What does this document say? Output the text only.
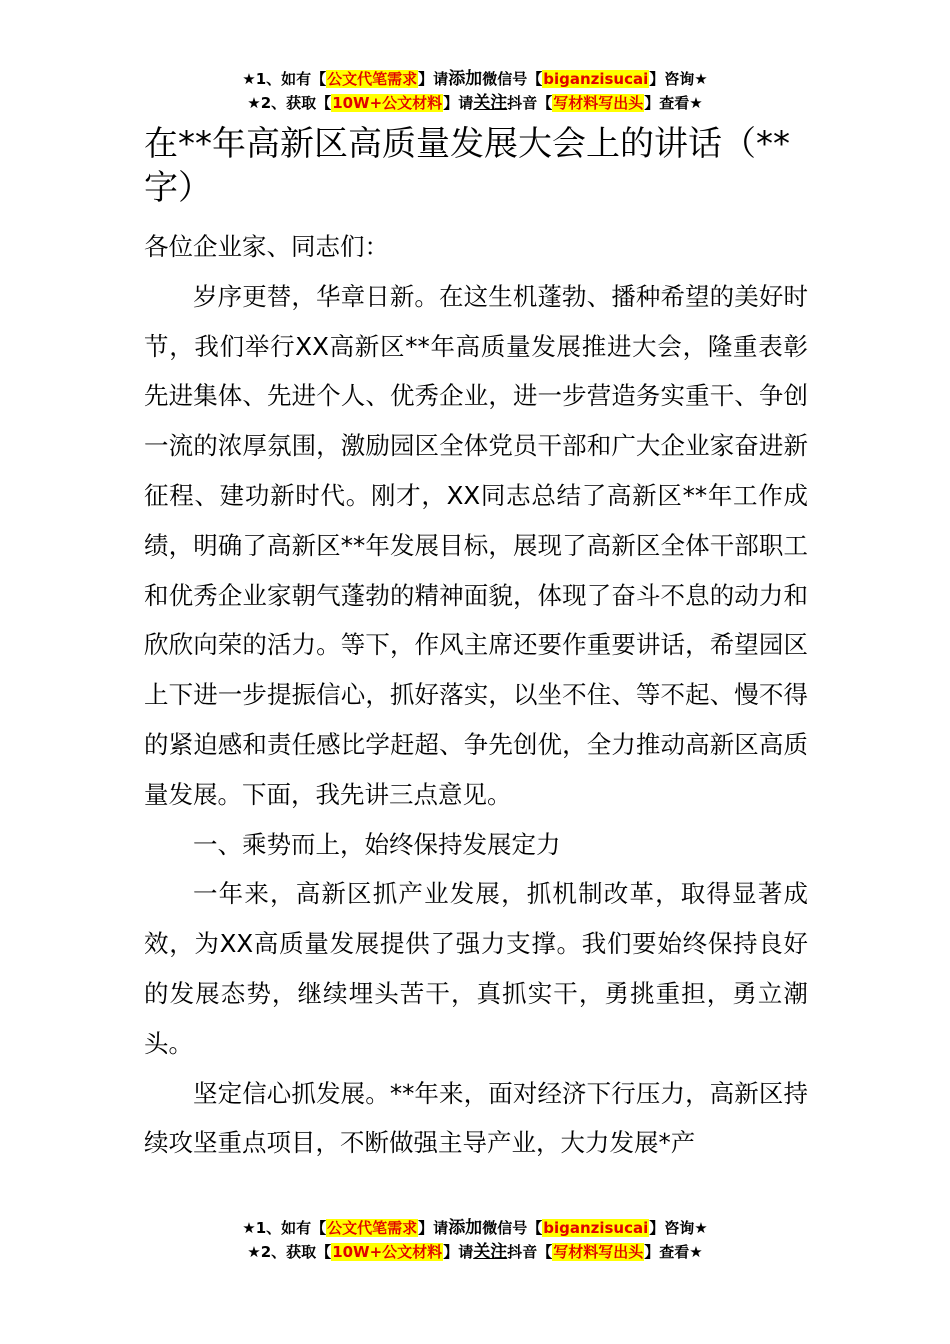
★1、如有【公文代笔需求】请添加微信号【biganzisucai】咨询★
★2、获取【10W+公文材料】请关注抖音【写材料写出头】查看★
在**年高新区高质量发展大会上的讲话（**字）

各位企业家、同志们：

岁序更替，华章日新。在这生机蓬勃、播种希望的美好时节，我们举行XX高新区**年高质量发展推进大会，隆重表彰先进集体、先进个人、优秀企业，进一步营造务实重干、争创一流的浓厚氛围，激励园区全体党员干部和广大企业家奋进新征程、建功新时代。刚才，XX同志总结了高新区**年工作成绩，明确了高新区**年发展目标，展现了高新区全体干部职工和优秀企业家朝气蓬勃的精神面貌，体现了奋斗不息的动力和欣欣向荣的活力。等下，作风主席还要作重要讲话，希望园区上下进一步提振信心，抓好落实，以坐不住、等不起、慢不得的紧迫感和责任感比学赶超、争先创优，全力推动高新区高质量发展。下面，我先讲三点意见。

一、乘势而上，始终保持发展定力

一年来，高新区抓产业发展，抓机制改革，取得显著成效，为XX高质量发展提供了强力支撑。我们要始终保持良好的发展态势，继续埋头苦干，真抓实干，勇挑重担，勇立潮头。

坚定信心抓发展。**年来，面对经济下行压力，高新区持续攻坚重点项目，不断做强主导产业，大力发展*产

★1、如有【公文代笔需求】请添加微信号【biganzisucai】咨询★
★2、获取【10W+公文材料】请关注抖音【写材料写出头】查看★
